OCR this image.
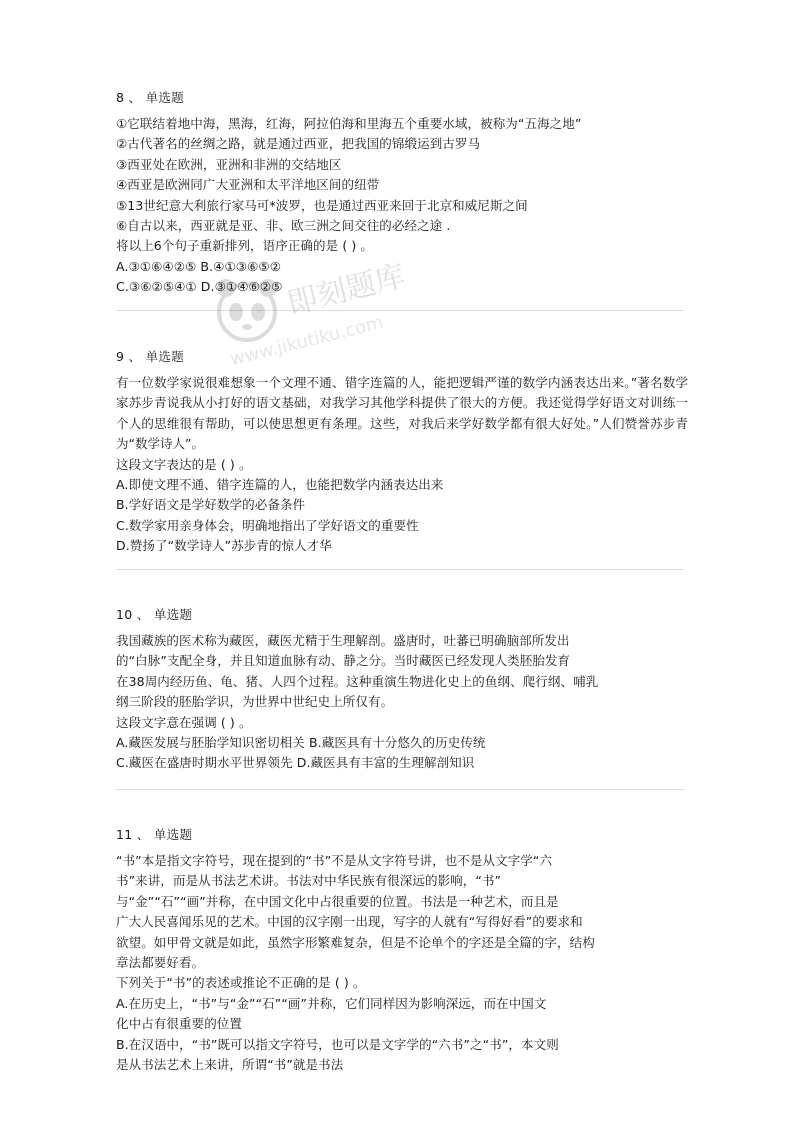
8 、 单选题

①它联结着地中海，黑海，红海，阿拉伯海和里海五个重要水域，被称为“五海之地”

②古代著名的丝绸之路，就是通过西亚，把我国的锦缎运到古罗马

③西亚处在欧洲，亚洲和非洲的交结地区

④西亚是欧洲同广大亚洲和太平洋地区间的纽带

⑤13世纪意大利旅行家马可*波罗，也是通过西亚来回于北京和威尼斯之间

⑥自古以来，西亚就是亚、非、欧三洲之间交往的必经之途 .

将以上6个句子重新排列，语序正确的是 ( ) 。

A.③①⑥④②⑤ B.④①③⑥⑤②

C.③⑥②⑤④① D.③①④⑥②⑤

9 、 单选题

有一位数学家说很难想象一个文理不通、错字连篇的人，能把逻辑严谨的数学内涵表达出来。”著名数学家苏步青说我从小打好的语文基础，对我学习其他学科提供了很大的方便。我还觉得学好语文对训练一个人的思维很有帮助，可以使思想更有条理。这些，对我后来学好数学都有很大好处。”人们赞誉苏步青为“数学诗人”。

这段文字表达的是 ( ) 。

A.即使文理不通、错字连篇的人，也能把数学内涵表达出来

B.学好语文是学好数学的必备条件

C.数学家用亲身体会，明确地指出了学好语文的重要性

D.赞扬了“数学诗人”苏步青的惊人才华

10 、 单选题

我国藏族的医术称为藏医，藏医尤精于生理解剖。盛唐时，吐蕃已明确脑部所发出

的“白脉”支配全身，并且知道血脉有动、静之分。当时藏医已经发现人类胚胎发育

在38周内经历鱼、龟、猪、人四个过程。这种重演生物进化史上的鱼纲、爬行纲、哺乳

纲三阶段的胚胎学识，为世界中世纪史上所仅有。

这段文字意在强调 ( ) 。

A.藏医发展与胚胎学知识密切相关 B.藏医具有十分悠久的历史传统

C.藏医在盛唐时期水平世界领先 D.藏医具有丰富的生理解剖知识

11 、 单选题

“书”本是指文字符号，现在提到的“书”不是从文字符号讲，也不是从文字学“六

书”来讲，而是从书法艺术讲。书法对中华民族有很深远的影响，“书”

与“金”“石”“画”并称，在中国文化中占很重要的位置。书法是一种艺术，而且是

广大人民喜闻乐见的艺术。中国的汉字刚一出现，写字的人就有“写得好看”的要求和

欲望。如甲骨文就是如此，虽然字形繁难复杂，但是不论单个的字还是全篇的字，结构

章法都要好看。

下列关于“书”的表述或推论不正确的是 ( ) 。

A.在历史上，“书”与“金”“石”“画”并称，它们同样因为影响深远，而在中国文

化中占有很重要的位置

B.在汉语中，“书”既可以指文字符号，也可以是文字学的“六书”之“书”，本文则

是从书法艺术上来讲，所谓“书”就是书法

即刻题库
www.jikutiku.com
